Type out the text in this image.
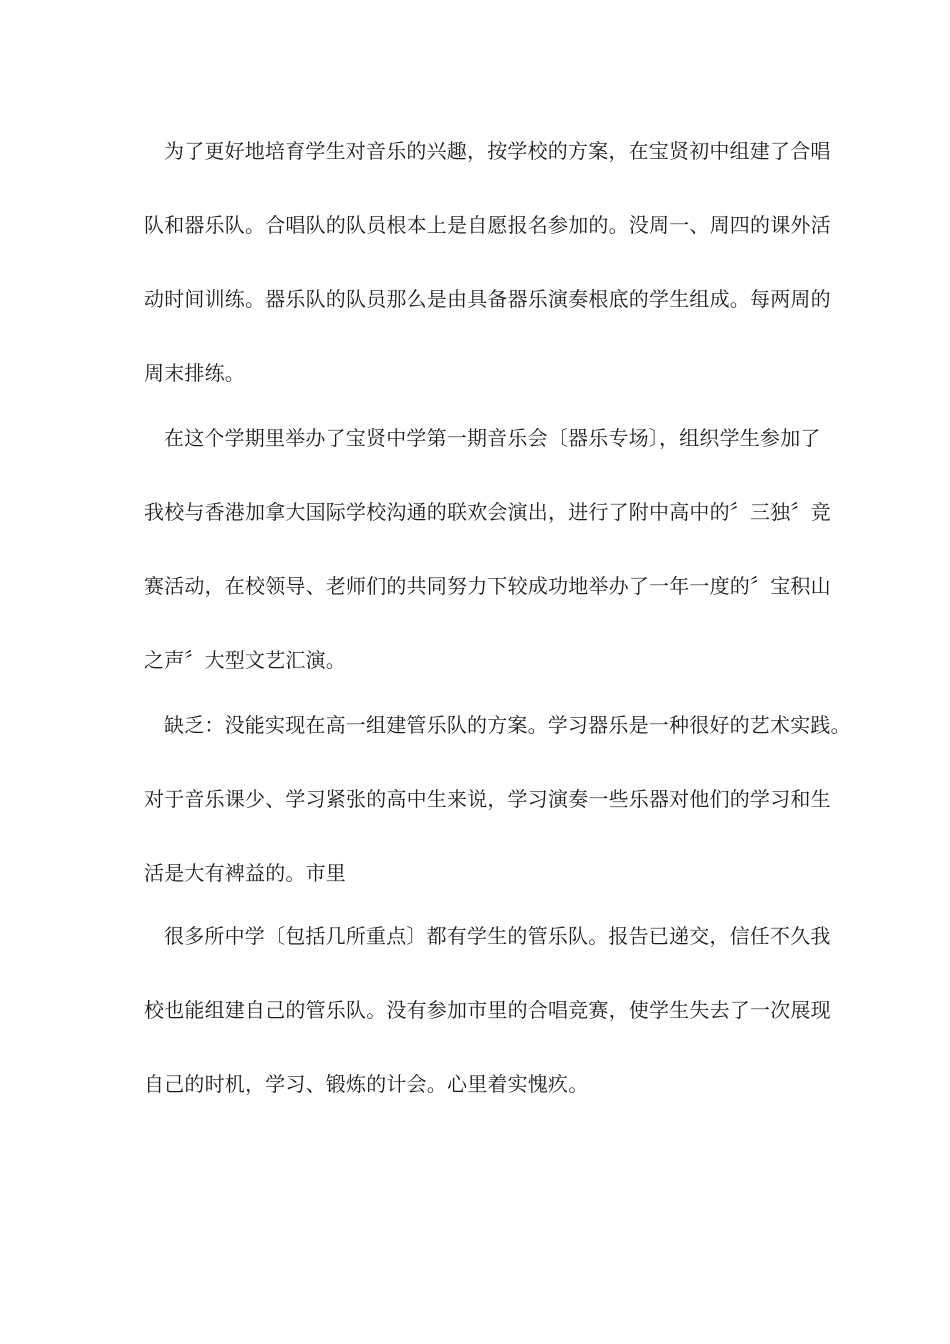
为了更好地培育学生对音乐的兴趣，按学校的方案，在宝贤初中组建了合唱
队和器乐队。合唱队的队员根本上是自愿报名参加的。没周一、周四的课外活
动时间训练。器乐队的队员那么是由具备器乐演奏根底的学生组成。每两周的
周末排练。
在这个学期里举办了宝贤中学第一期音乐会〔器乐专场〕，组织学生参加了
我校与香港加拿大国际学校沟通的联欢会演出，进行了附中高中的〞三独〞竞
赛活动，在校领导、老师们的共同努力下较成功地举办了一年一度的〞宝积山
之声〞大型文艺汇演。
缺乏：没能实现在高一组建管乐队的方案。学习器乐是一种很好的艺术实践。
对于音乐课少、学习紧张的高中生来说，学习演奏一些乐器对他们的学习和生
活是大有裨益的。市里
很多所中学〔包括几所重点〕都有学生的管乐队。报告已递交，信任不久我
校也能组建自己的管乐队。没有参加市里的合唱竞赛，使学生失去了一次展现
自己的时机，学习、锻炼的计会。心里着实愧疚。
